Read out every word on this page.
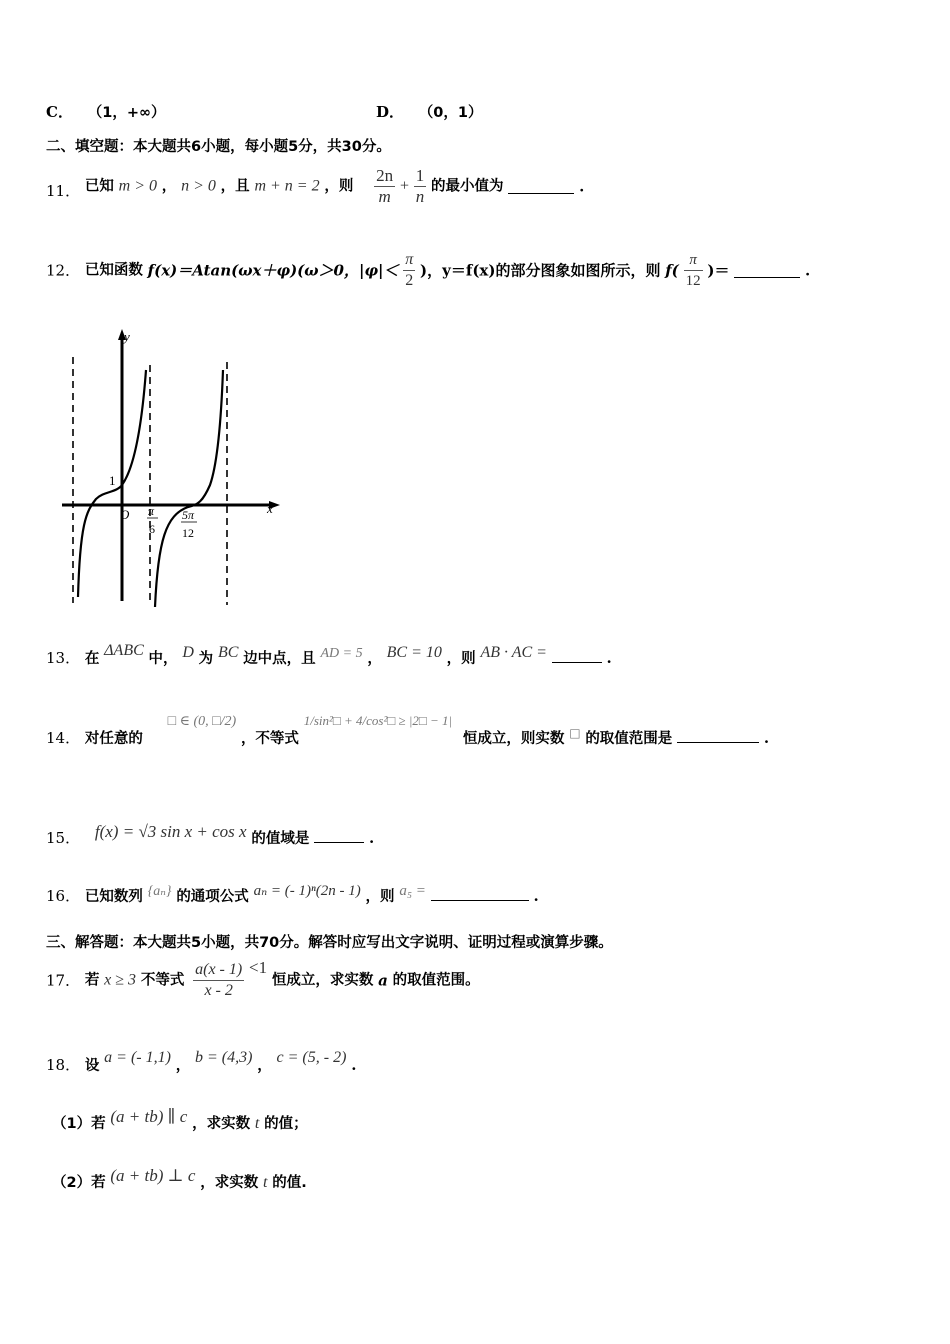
C． （1，+∞）	D． （0，1）
二、填空题：本大题共6小题，每小题5分，共30分。
11． 已知 m > 0 ， n > 0 ，且 m + n = 2 ，则 $\frac{2n}{m} + \frac{1}{n}$ 的最小值为	.
12． 已知函数 f(x)＝Atan(ωx＋φ)(ω＞0，$|\varphi|< \frac{\pi}{2}$ )，y＝f(x)的部分图象如图所示，则 $f( \frac{\pi}{12}$ )＝	.
y
x
O
1
π
6
5π
12
13． 在 ΔABC 中， D 为 BC 边中点，且 AD = 5 ， BC = 10 ，则 AB · AC =	.
14． 对任意的 □ ∈ (0, □/2) ，不等式 1/sin²□ + 4/cos²□ ≥ |2□ − 1| 恒成立，则实数 □ 的取值范围是	.
15． f(x) = √3 sin x + cos x 的值域是	.
16． 已知数列 {aₙ} 的通项公式 aₙ = (- 1)ⁿ(2n - 1) ，则 a₅ =	.
三、解答题：本大题共5小题，共70分。解答时应写出文字说明、证明过程或演算步骤。
17． 若 x ≥ 3 不等式 $\frac{a(x - 1)}{x - 2} <1$ 恒成立，求实数 a 的取值范围。
18． 设 a = (- 1,1) ， b = (4,3) ， c = (5, - 2) .
（1）若 (a + tb) ∥ c ，求实数 t 的值；
（2）若 (a + tb) ⊥ c ，求实数 t 的值.
